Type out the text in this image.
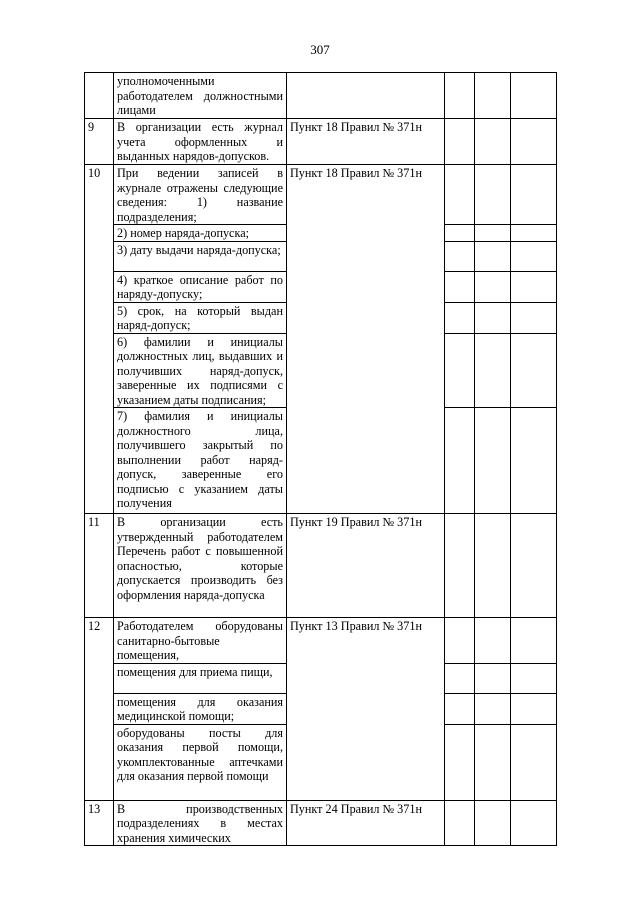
307
	уполномоченными работодателем должностными лицами				
9	В организации есть журнал учета оформленных и выданных нарядов-допусков.	Пункт 18 Правил № 371н			
10	При ведении записей в журнале отражены следующие сведения: 1) название подразделения;	Пункт 18 Правил № 371н			
	2) номер наряда-допуска;				
	3) дату выдачи наряда-допуска;				
	4) краткое описание работ по наряду-допуску;				
	5) срок, на который выдан наряд-допуск;				
	6) фамилии и инициалы должностных лиц, выдавших и получивших наряд-допуск, заверенные их подписями с указанием даты подписания;				
	7) фамилия и инициалы должностного лица, получившего закрытый по выполнении работ наряд-допуск, заверенные его подписью с указанием даты получения				
11	В организации есть утвержденный работодателем Перечень работ с повышенной опасностью, которые допускается производить без оформления наряда-допуска	Пункт 19 Правил № 371н			
12	Работодателем оборудованы санитарно-бытовые помещения,	Пункт 13 Правил № 371н			
	помещения для приема пищи,				
	помещения для оказания медицинской помощи;				
	оборудованы посты для оказания первой помощи, укомплектованные аптечками для оказания первой помощи				
13	В производственных подразделениях в местах хранения химических	Пункт 24 Правил № 371н			
